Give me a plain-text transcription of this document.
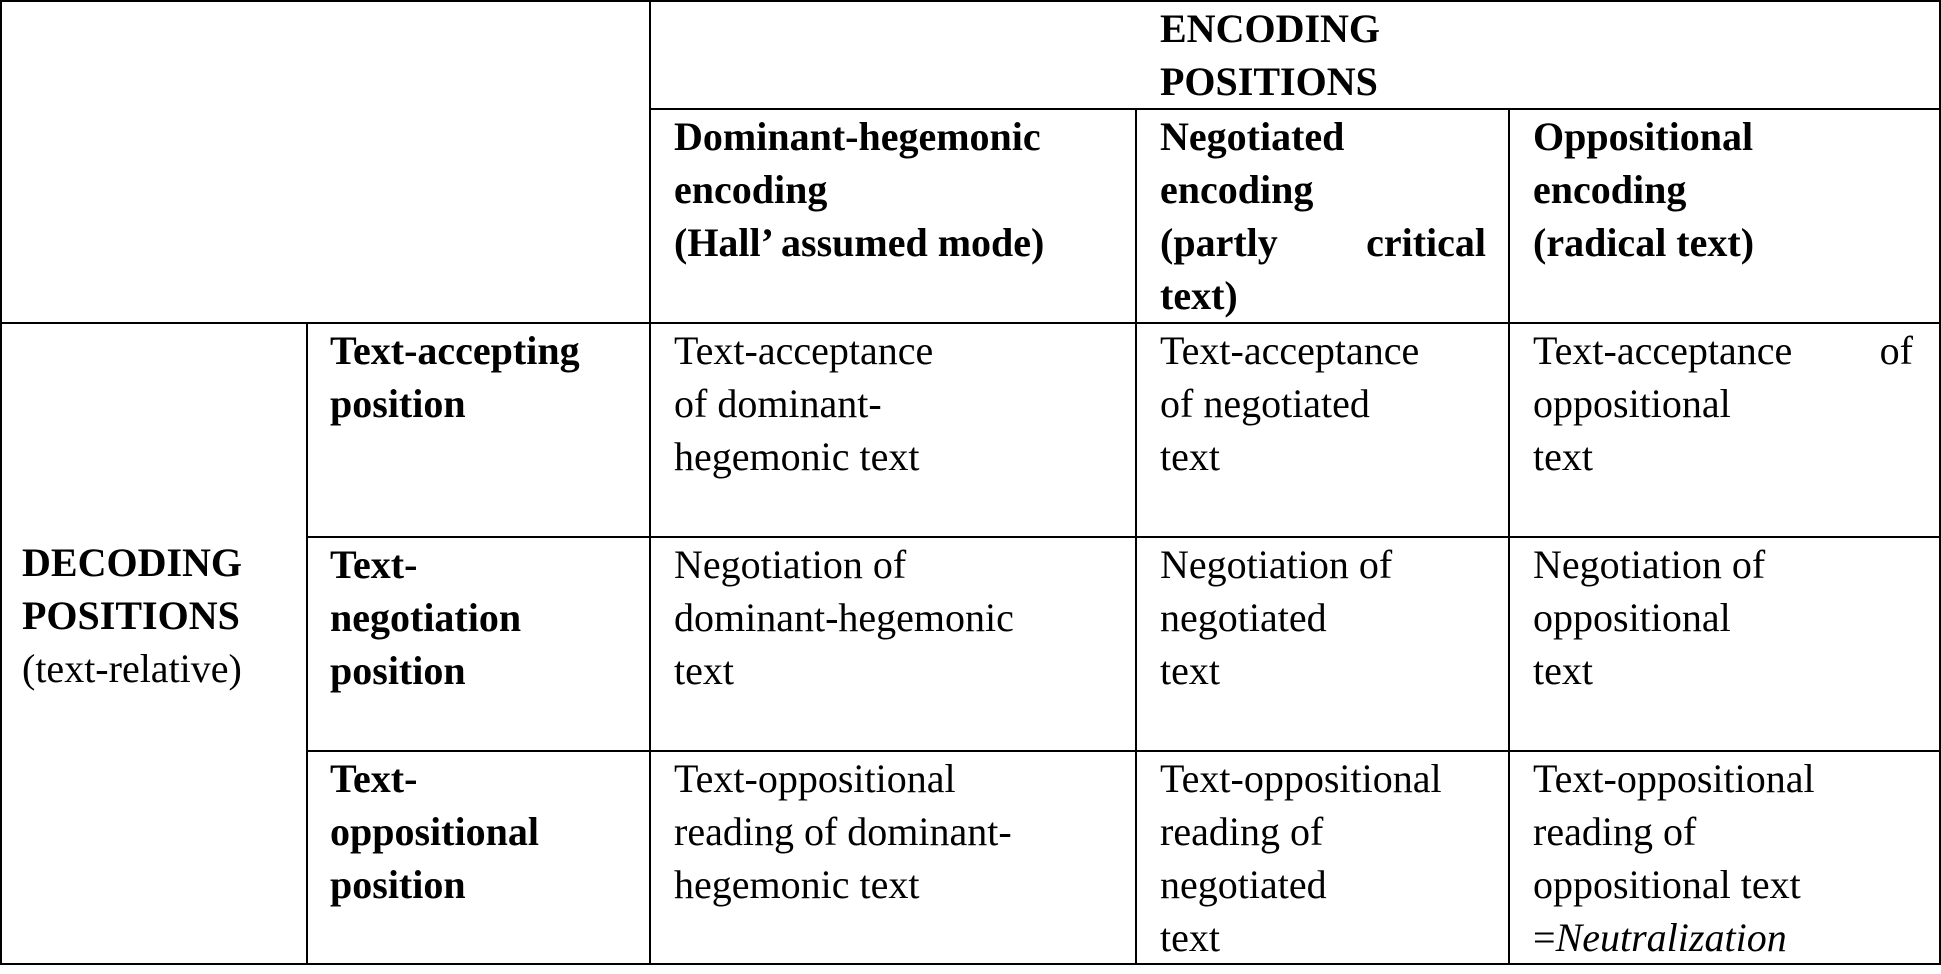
ENCODING
POSITIONS
Dominant-hegemonic
encoding
(Hall’ assumed mode)
Negotiated
encoding
(partly critical
text)
Oppositional
encoding
(radical text)
DECODING
POSITIONS
(text-relative)
Text-accepting
position
Text-
negotiation
position
Text-
oppositional
position
Text-acceptance
of dominant-
hegemonic text
Text-acceptance
of negotiated
text
Text-acceptance of
oppositional
text
Negotiation of
dominant-hegemonic
text
Negotiation of
negotiated
text
Negotiation of
oppositional
text
Text-oppositional
reading of dominant-
hegemonic text
Text-oppositional
reading of
negotiated
text
Text-oppositional
reading of
oppositional text
=Neutralization
